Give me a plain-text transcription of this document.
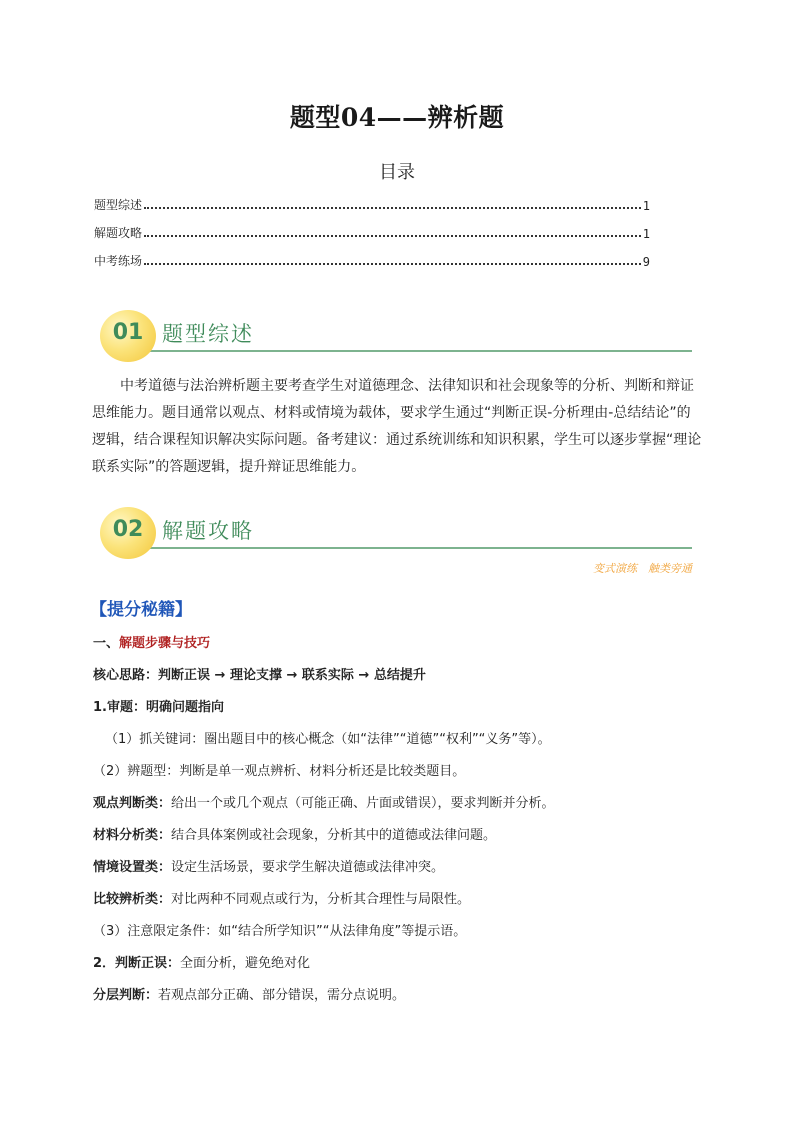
题型04——辨析题
目录
题型综述	1
解题攻略	1
中考练场	9
01 题型综述

中考道德与法治辨析题主要考查学生对道德理念、法律知识和社会现象等的分析、判断和辩证思维能力。题目通常以观点、材料或情境为载体，要求学生通过“判断正误-分析理由-总结结论”的逻辑，结合课程知识解决实际问题。备考建议：通过系统训练和知识积累，学生可以逐步掌握“理论联系实际”的答题逻辑，提升辩证思维能力。

02 解题攻略
变式演练　触类旁通
【提分秘籍】
一、解题步骤与技巧
核心思路：判断正误 → 理论支撑 → 联系实际 → 总结提升
1.审题：明确问题指向
（1）抓关键词：圈出题目中的核心概念（如“法律”“道德”“权利”“义务”等）。
（2）辨题型：判断是单一观点辨析、材料分析还是比较类题目。
观点判断类：给出一个或几个观点（可能正确、片面或错误），要求判断并分析。
材料分析类：结合具体案例或社会现象，分析其中的道德或法律问题。
情境设置类：设定生活场景，要求学生解决道德或法律冲突。
比较辨析类：对比两种不同观点或行为，分析其合理性与局限性。
（3）注意限定条件：如“结合所学知识”“从法律角度”等提示语。
2．判断正误：全面分析，避免绝对化
分层判断：若观点部分正确、部分错误，需分点说明。
